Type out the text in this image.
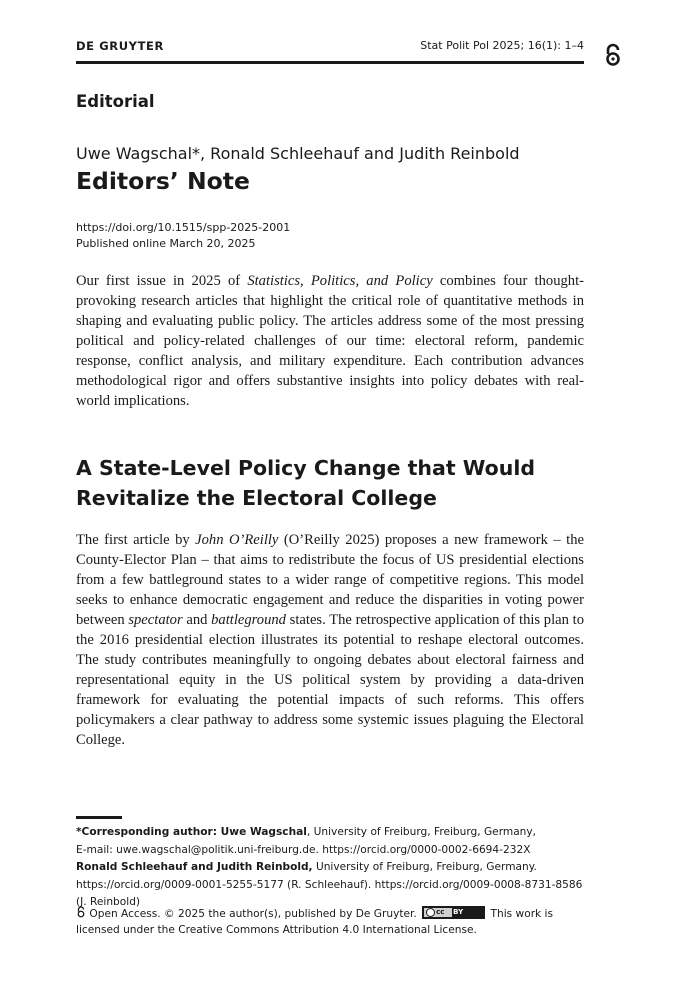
DE GRUYTER	Stat Polit Pol 2025; 16(1): 1–4
Editorial
Uwe Wagschal*, Ronald Schleehauf and Judith Reinbold
Editors’ Note
https://doi.org/10.1515/spp-2025-2001
Published online March 20, 2025

Our first issue in 2025 of Statistics, Politics, and Policy combines four thought-provoking research articles that highlight the critical role of quantitative methods in shaping and evaluating public policy. The articles address some of the most pressing political and policy-related challenges of our time: electoral reform, pandemic response, conflict analysis, and military expenditure. Each contribution advances methodological rigor and offers substantive insights into policy debates with real-world implications.

A State-Level Policy Change that Would Revitalize the Electoral College

The first article by John O’Reilly (O’Reilly 2025) proposes a new framework – the County-Elector Plan – that aims to redistribute the focus of US presidential elections from a few battleground states to a wider range of competitive regions. This model seeks to enhance democratic engagement and reduce the disparities in voting power between spectator and battleground states. The retrospective application of this plan to the 2016 presidential election illustrates its potential to reshape electoral outcomes. The study contributes meaningfully to ongoing debates about electoral fairness and representational equity in the US political system by providing a data-driven framework for evaluating the potential impacts of such reforms. This offers policymakers a clear pathway to address some systemic issues plaguing the Electoral College.

*Corresponding author: Uwe Wagschal, University of Freiburg, Freiburg, Germany,
E-mail: uwe.wagschal@politik.uni-freiburg.de. https://orcid.org/0000-0002-6694-232X
Ronald Schleehauf and Judith Reinbold, University of Freiburg, Freiburg, Germany. https://orcid.org/0009-0001-5255-5177 (R. Schleehauf). https://orcid.org/0009-0008-8731-8586 (J. Reinbold)

Open Access. © 2025 the author(s), published by De Gruyter.	cc BY	This work is licensed under the Creative Commons Attribution 4.0 International License.
